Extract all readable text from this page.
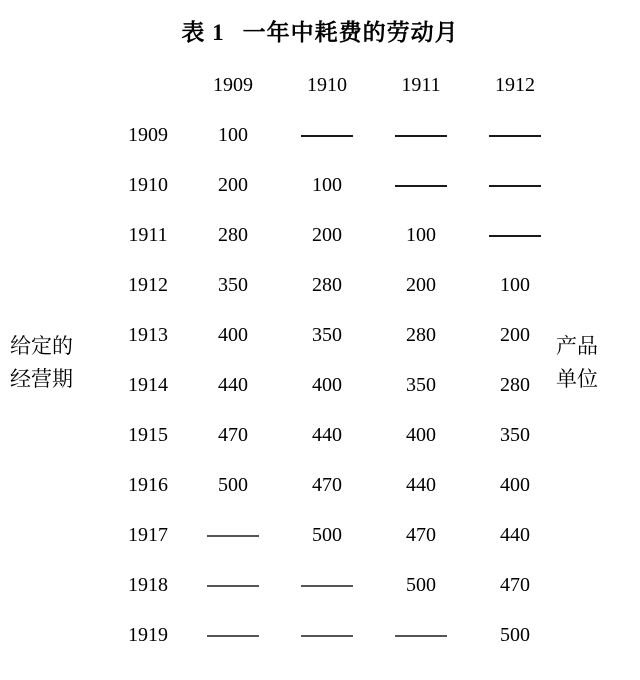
表 1 一年中耗费的劳动月
	1909	1910	1911	1912
1909	100			
1910	200	100		
1911	280	200	100	
1912	350	280	200	100
1913	400	350	280	200
1914	440	400	350	280
1915	470	440	400	350
1916	500	470	440	400
1917		500	470	440
1918			500	470
1919				500
给定的
经营期
产品
单位
